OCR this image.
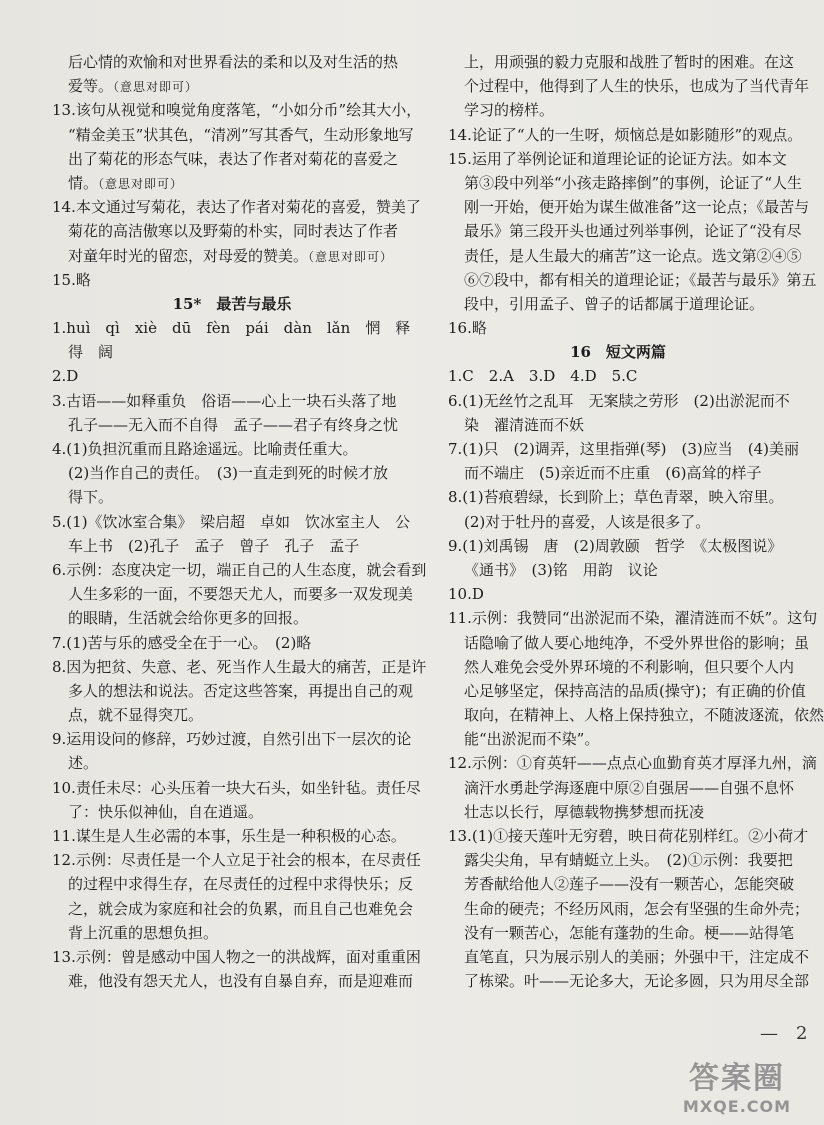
后心情的欢愉和对世界看法的柔和以及对生活的热
爱等。（意思对即可）
13.该句从视觉和嗅觉角度落笔，“小如分币”绘其大小，
“精金美玉”状其色，“清冽”写其香气，生动形象地写
出了菊花的形态气味，表达了作者对菊花的喜爱之
情。（意思对即可）
14.本文通过写菊花，表达了作者对菊花的喜爱，赞美了
菊花的高洁傲寒以及野菊的朴实，同时表达了作者
对童年时光的留恋，对母爱的赞美。（意思对即可）
15.略
15*　最苦与最乐
1.huì　qì　xiè　dū　fèn　pái　dàn　lǎn　惘　释
得　阔
2.D
3.古语——如释重负　俗语——心上一块石头落了地
孔子——无入而不自得　孟子——君子有终身之忧
4.(1)负担沉重而且路途遥远。比喻责任重大。
(2)当作自己的责任。　(3)一直走到死的时候才放
得下。
5.(1)《饮冰室合集》　梁启超　卓如　饮冰室主人　公
车上书　(2)孔子　孟子　曾子　孔子　孟子
6.示例：态度决定一切，端正自己的人生态度，就会看到
人生多彩的一面，不要怨天尤人，而要多一双发现美
的眼睛，生活就会给你更多的回报。
7.(1)苦与乐的感受全在于一心。　(2)略
8.因为把贫、失意、老、死当作人生最大的痛苦，正是许
多人的想法和说法。否定这些答案，再提出自己的观
点，就不显得突兀。
9.运用设问的修辞，巧妙过渡，自然引出下一层次的论
述。
10.责任未尽：心头压着一块大石头，如坐针毡。责任尽
了：快乐似神仙，自在逍遥。
11.谋生是人生必需的本事，乐生是一种积极的心态。
12.示例：尽责任是一个人立足于社会的根本，在尽责任
的过程中求得生存，在尽责任的过程中求得快乐；反
之，就会成为家庭和社会的负累，而且自己也难免会
背上沉重的思想负担。
13.示例：曾是感动中国人物之一的洪战辉，面对重重困
难，他没有怨天尤人，也没有自暴自弃，而是迎难而
上，用顽强的毅力克服和战胜了暂时的困难。在这
个过程中，他得到了人生的快乐，也成为了当代青年
学习的榜样。
14.论证了“人的一生呀，烦恼总是如影随形”的观点。
15.运用了举例论证和道理论证的论证方法。如本文
第③段中列举“小孩走路摔倒”的事例，论证了“人生
刚一开始，便开始为谋生做准备”这一论点；《最苦与
最乐》第三段开头也通过列举事例，论证了“没有尽
责任，是人生最大的痛苦”这一论点。选文第②④⑤
⑥⑦段中，都有相关的道理论证；《最苦与最乐》第五
段中，引用孟子、曾子的话都属于道理论证。
16.略
16　短文两篇
1.C　2.A　3.D　4.D　5.C
6.(1)无丝竹之乱耳　无案牍之劳形　(2)出淤泥而不
染　濯清涟而不妖
7.(1)只　(2)调弄，这里指弹(琴)　(3)应当　(4)美丽
而不端庄　(5)亲近而不庄重　(6)高耸的样子
8.(1)苔痕碧绿，长到阶上；草色青翠，映入帘里。
(2)对于牡丹的喜爱，人该是很多了。
9.(1)刘禹锡　唐　(2)周敦颐　哲学　《太极图说》
《通书》　(3)铭　用韵　议论
10.D
11.示例：我赞同“出淤泥而不染，濯清涟而不妖”。这句
话隐喻了做人要心地纯净，不受外界世俗的影响；虽
然人难免会受外界环境的不利影响，但只要个人内
心足够坚定，保持高洁的品质(操守)；有正确的价值
取向，在精神上、人格上保持独立，不随波逐流，依然
能“出淤泥而不染”。
12.示例：①育英轩——点点心血勤育英才厚泽九州，滴
滴汗水勇赴学海逐鹿中原②自强居——自强不息怀
壮志以长行，厚德载物携梦想而抚凌
13.(1)①接天莲叶无穷碧，映日荷花别样红。②小荷才
露尖尖角，早有蜻蜓立上头。　(2)①示例：我要把
芳香献给他人②莲子——没有一颗苦心，怎能突破
生命的硬壳；不经历风雨，怎会有坚强的生命外壳；
没有一颗苦心，怎能有蓬勃的生命。梗——站得笔
直笔直，只为展示别人的美丽；外强中干，注定成不
了栋梁。叶——无论多大，无论多圆，只为用尽全部
—　2
答案圈
MXQE.COM
